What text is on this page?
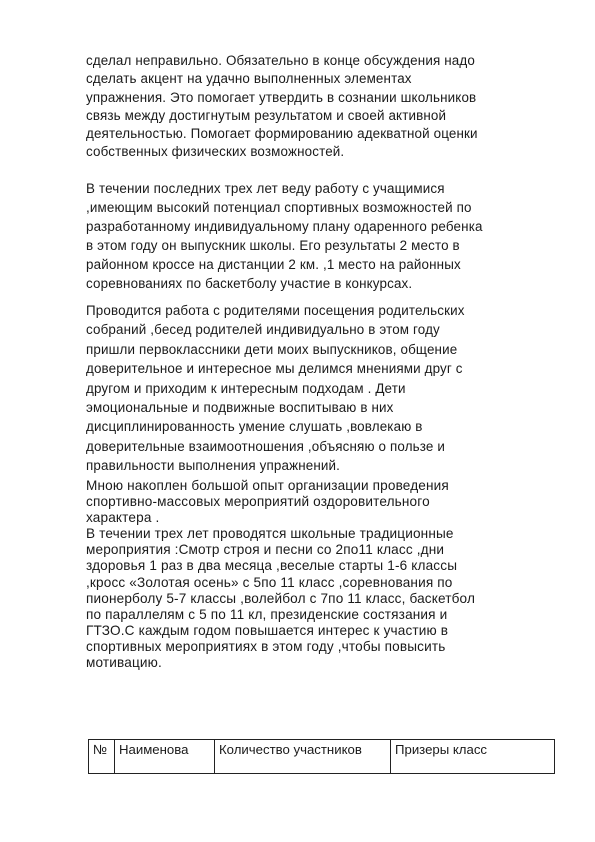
сделал неправильно. Обязательно в конце обсуждения надо
сделать акцент на удачно выполненных элементах
упражнения. Это помогает утвердить в сознании школьников
связь между достигнутым результатом и своей активной
деятельностью. Помогает формированию адекватной оценки
собственных физических возможностей.

В течении последних трех лет веду работу с учащимися
,имеющим высокий потенциал спортивных возможностей по
разработанному индивидуальному плану одаренного ребенка
в этом году он выпускник школы. Его результаты 2 место в
районном кроссе на дистанции 2 км. ,1 место на районных
соревнованиях по баскетболу участие в конкурсах.

Проводится работа с родителями посещения родительских
собраний ,бесед родителей индивидуально в этом году
пришли первоклассники дети моих выпускников, общение
доверительное и интересное мы делимся мнениями друг с
другом и приходим к интересным подходам . Дети
эмоциональные и подвижные воспитываю в них
дисциплинированность умение слушать ,вовлекаю в
доверительные взаимоотношения ,объясняю о пользе и
правильности выполнения упражнений.

Мною накоплен большой опыт организации проведения
спортивно-массовых мероприятий оздоровительного
характера .
В течении трех лет проводятся школьные традиционные
мероприятия :Смотр строя и песни со 2по11 класс ,дни
здоровья 1 раз в два месяца ,веселые старты 1-6 классы
,кросс «Золотая осень» с 5по 11 класс ,соревнования по
пионерболу 5-7 классы ,волейбол с 7по 11 класс, баскетбол
по параллелям с 5 по 11 кл, президенские состязания и
ГТЗО.С каждым годом повышается интерес к участию в
спортивных мероприятиях в этом году ,чтобы повысить
мотивацию.

№	Наименова	Количество участников	Призеры класс
